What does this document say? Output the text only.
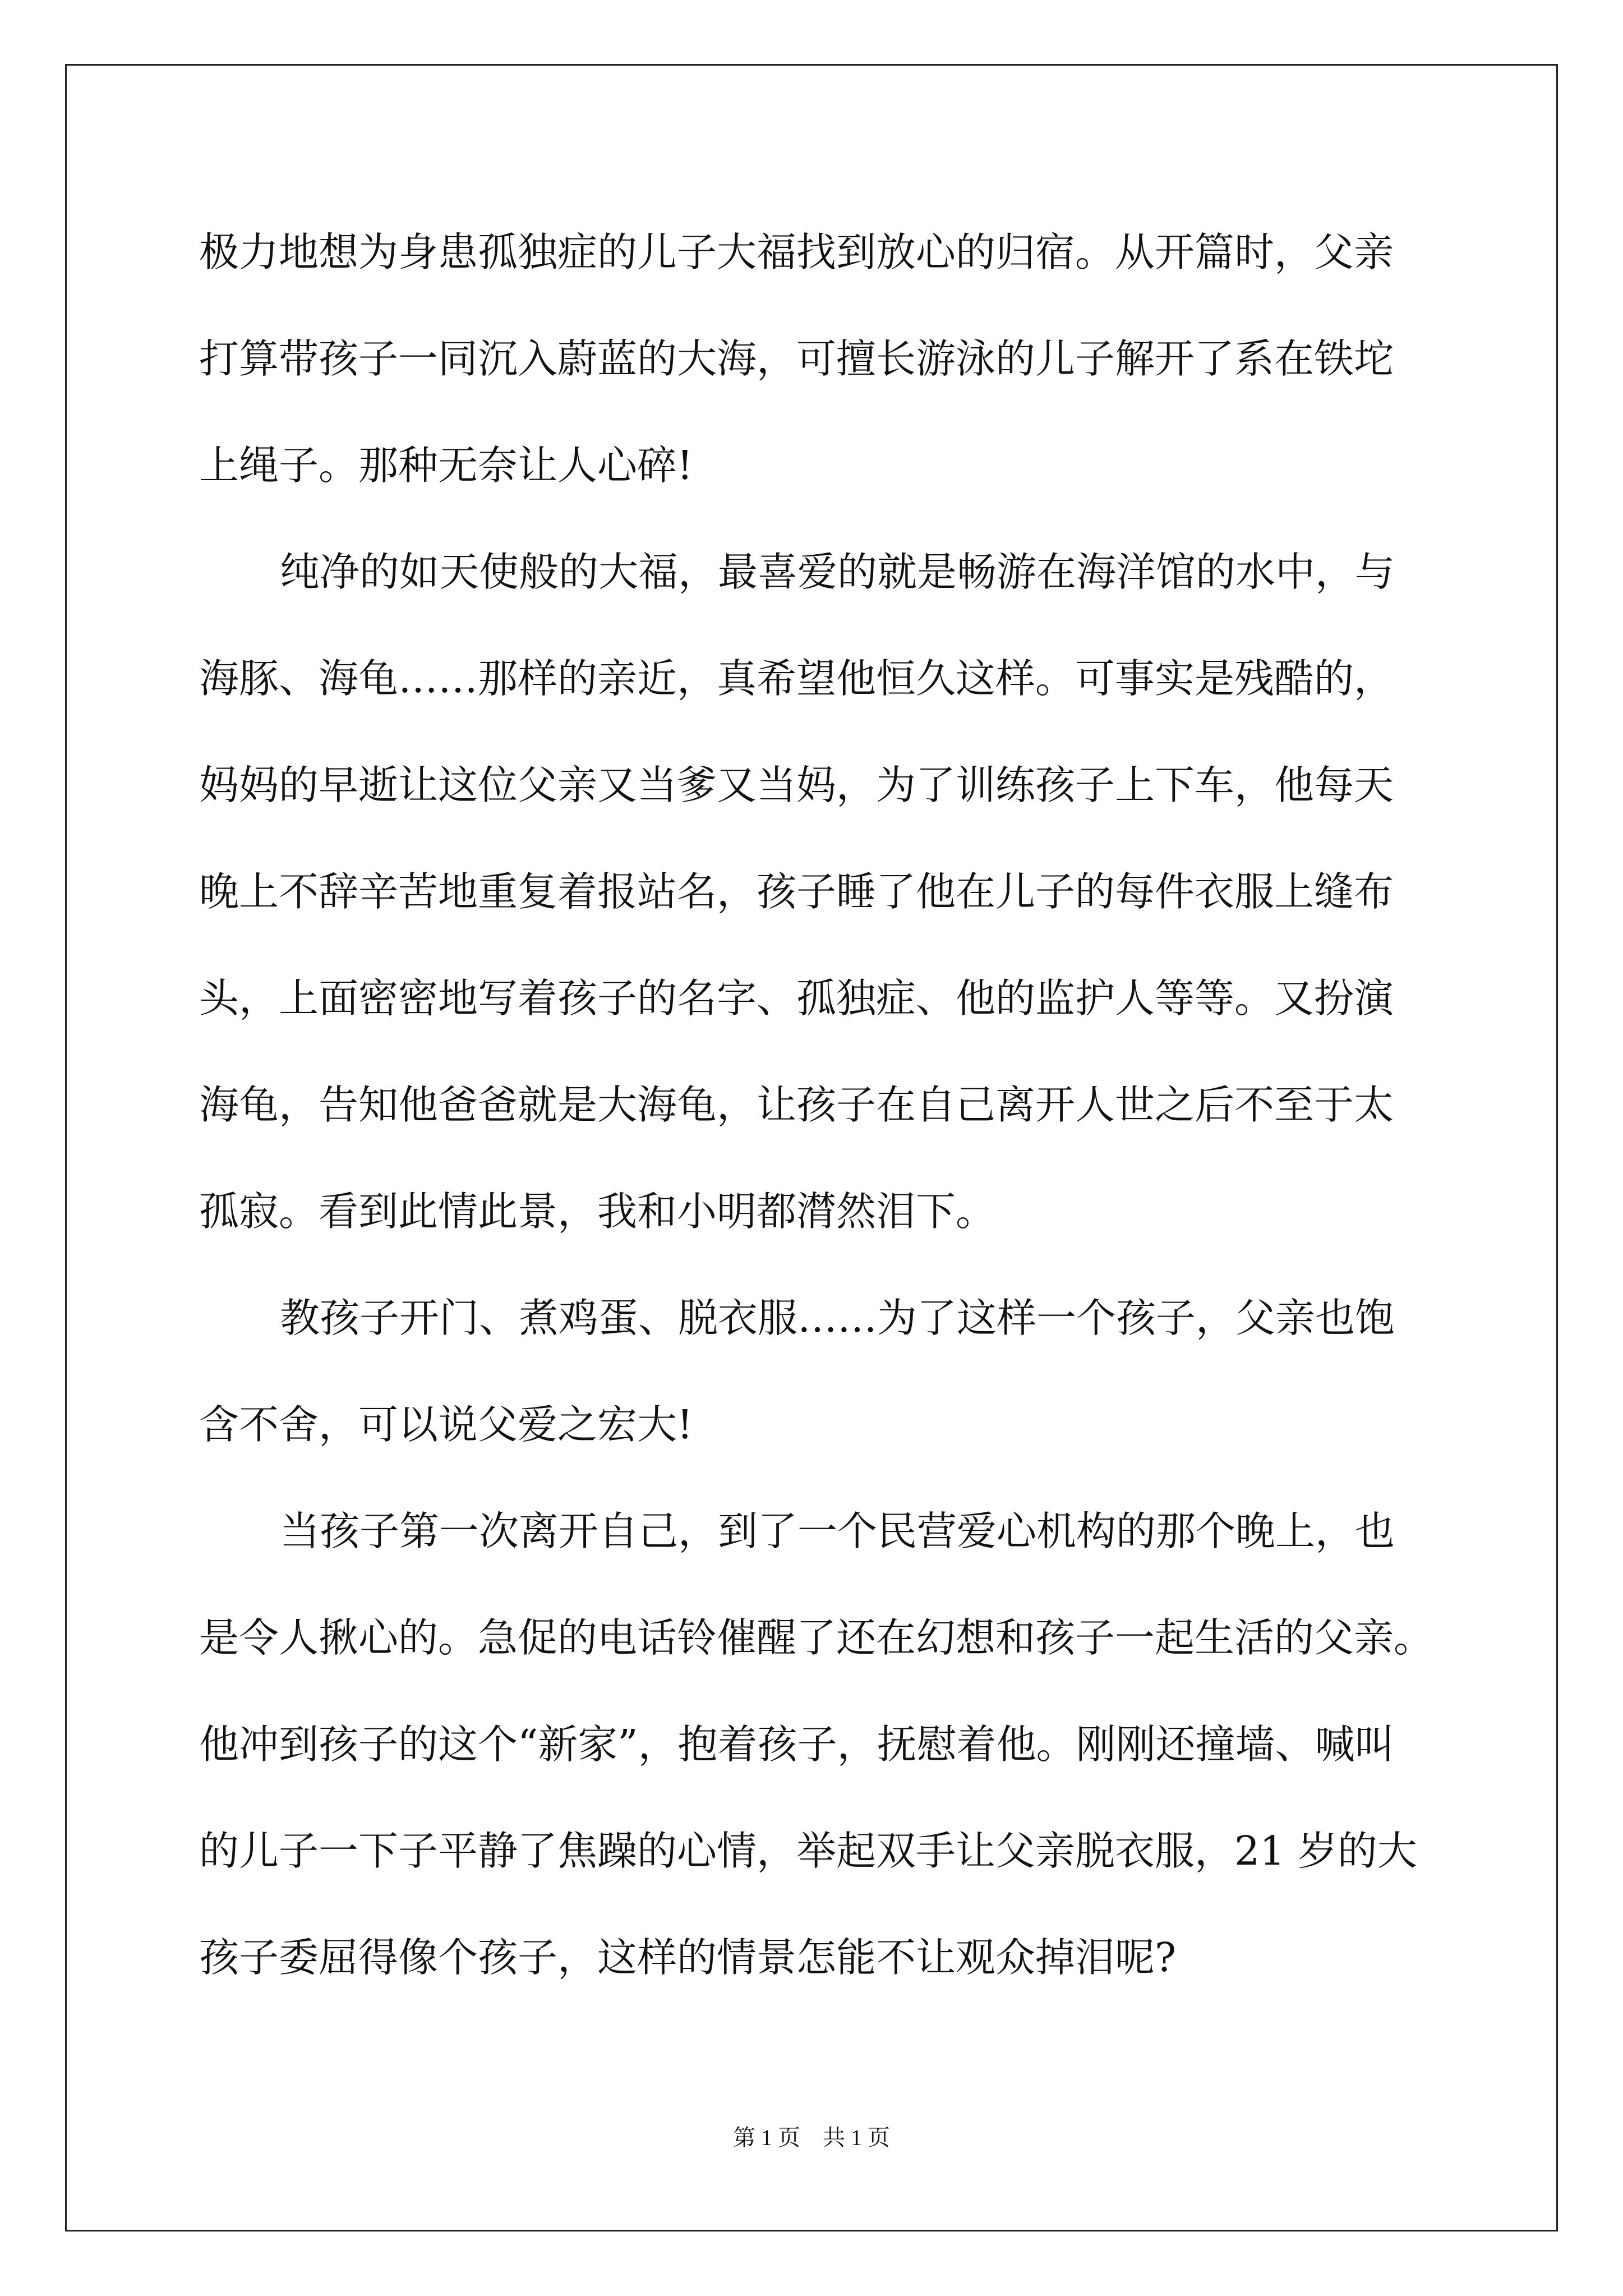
极力地想为身患孤独症的儿子大福找到放心的归宿。从开篇时，父亲
打算带孩子一同沉入蔚蓝的大海，可擅长游泳的儿子解开了系在铁坨
上绳子。那种无奈让人心碎!
纯净的如天使般的大福，最喜爱的就是畅游在海洋馆的水中，与
海豚、海龟……那样的亲近，真希望他恒久这样。可事实是残酷的，
妈妈的早逝让这位父亲又当爹又当妈，为了训练孩子上下车，他每天
晚上不辞辛苦地重复着报站名，孩子睡了他在儿子的每件衣服上缝布
头，上面密密地写着孩子的名字、孤独症、他的监护人等等。又扮演
海龟，告知他爸爸就是大海龟，让孩子在自己离开人世之后不至于太
孤寂。看到此情此景，我和小明都潸然泪下。
教孩子开门、煮鸡蛋、脱衣服……为了这样一个孩子，父亲也饱
含不舍，可以说父爱之宏大!
当孩子第一次离开自己，到了一个民营爱心机构的那个晚上，也
是令人揪心的。急促的电话铃催醒了还在幻想和孩子一起生活的父亲。
他冲到孩子的这个“新家”，抱着孩子，抚慰着他。刚刚还撞墙、喊叫
的儿子一下子平静了焦躁的心情，举起双手让父亲脱衣服，21 岁的大
孩子委屈得像个孩子，这样的情景怎能不让观众掉泪呢?
第 1 页 共 1 页
